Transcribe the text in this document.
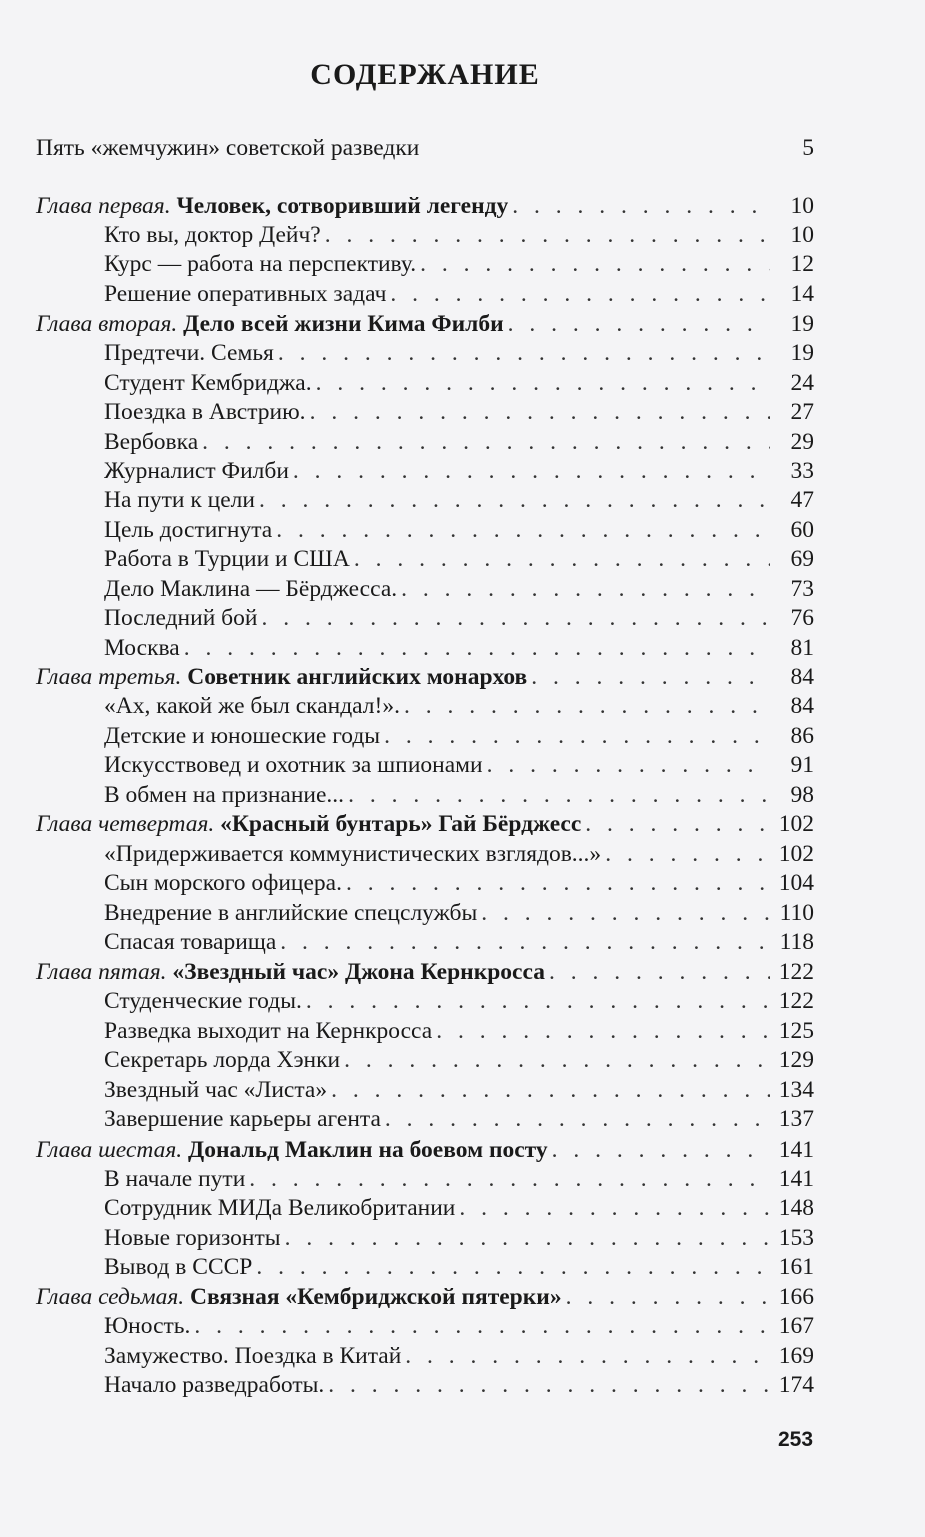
СОДЕРЖАНИЕ
Пять «жемчужин» советской разведки	5
Глава первая. Человек, сотворивший легенду . . .	10
Кто вы, доктор Дейч? . . .	10
Курс — работа на перспективу. . . .	12
Решение оперативных задач . . .	14
Глава вторая. Дело всей жизни Кима Филби . . .	19
Предтечи. Семья . . .	19
Студент Кембриджа. . . .	24
Поездка в Австрию. . . .	27
Вербовка . . .	29
Журналист Филби . . .	33
На пути к цели . . .	47
Цель достигнута . . .	60
Работа в Турции и США . . .	69
Дело Маклина — Бёрджесса. . . .	73
Последний бой . . .	76
Москва . . .	81
Глава третья. Советник английских монархов . . .	84
«Ах, какой же был скандал!». . . .	84
Детские и юношеские годы . . .	86
Искусствовед и охотник за шпионами . . .	91
В обмен на признание... . . .	98
Глава четвертая. «Красный бунтарь» Гай Бёрджесс . . .	102
«Придерживается коммунистических взглядов...» . . .	102
Сын морского офицера. . . .	104
Внедрение в английские спецслужбы . . .	110
Спасая товарища . . .	118
Глава пятая. «Звездный час» Джона Кернкросса . . .	122
Студенческие годы. . . .	122
Разведка выходит на Кернкросса . . .	125
Секретарь лорда Хэнки . . .	129
Звездный час «Листа» . . .	134
Завершение карьеры агента . . .	137
Глава шестая. Дональд Маклин на боевом посту . . .	141
В начале пути . . .	141
Сотрудник МИДа Великобритании . . .	148
Новые горизонты . . .	153
Вывод в СССР . . .	161
Глава седьмая. Связная «Кембриджской пятерки» . . .	166
Юность. . . .	167
Замужество. Поездка в Китай . . .	169
Начало разведработы. . . .	174
253
